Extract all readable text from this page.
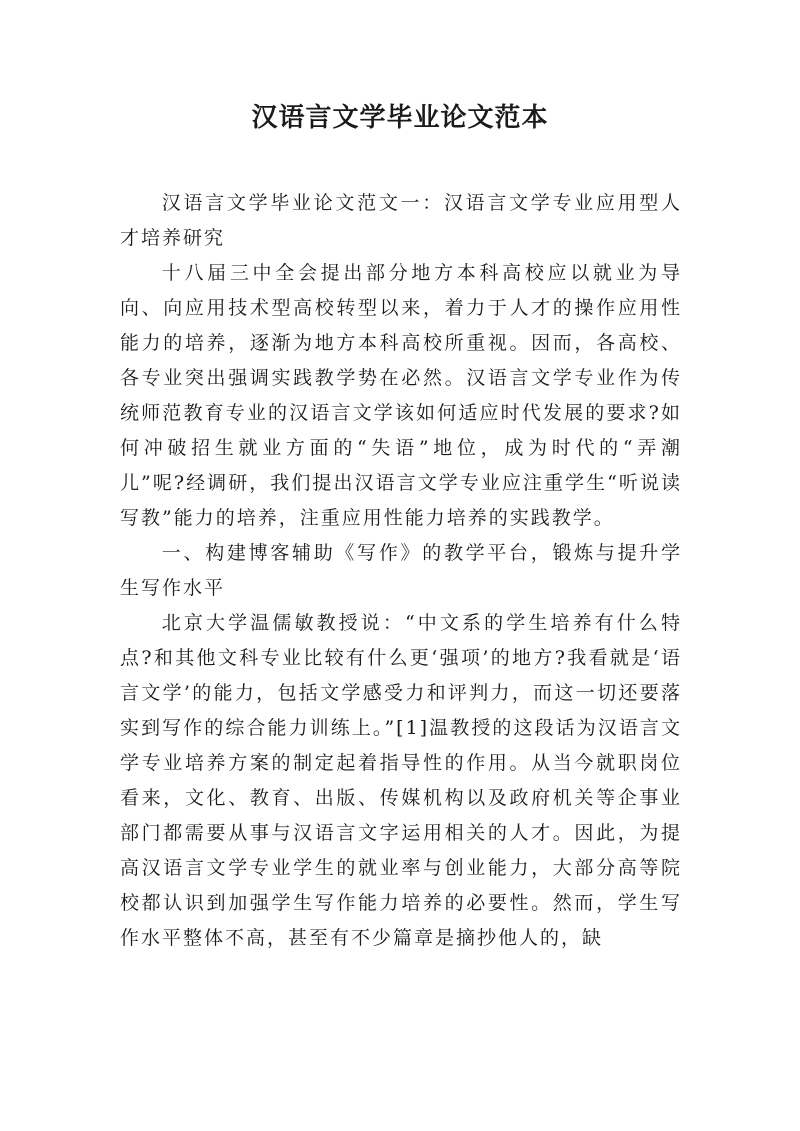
汉语言文学毕业论文范本

汉语言文学毕业论文范文一：汉语言文学专业应用型人才培养研究

十八届三中全会提出部分地方本科高校应以就业为导向、向应用技术型高校转型以来，着力于人才的操作应用性能力的培养，逐渐为地方本科高校所重视。因而，各高校、各专业突出强调实践教学势在必然。汉语言文学专业作为传统师范教育专业的汉语言文学该如何适应时代发展的要求?如何冲破招生就业方面的“失语”地位，成为时代的“弄潮儿”呢?经调研，我们提出汉语言文学专业应注重学生“听说读写教”能力的培养，注重应用性能力培养的实践教学。

一、构建博客辅助《写作》的教学平台，锻炼与提升学生写作水平

北京大学温儒敏教授说：“中文系的学生培养有什么特点?和其他文科专业比较有什么更‘强项’的地方?我看就是‘语言文学’的能力，包括文学感受力和评判力，而这一切还要落实到写作的综合能力训练上。”[1]温教授的这段话为汉语言文学专业培养方案的制定起着指导性的作用。从当今就职岗位看来，文化、教育、出版、传媒机构以及政府机关等企事业部门都需要从事与汉语言文字运用相关的人才。因此，为提高汉语言文学专业学生的就业率与创业能力，大部分高等院校都认识到加强学生写作能力培养的必要性。然而，学生写作水平整体不高，甚至有不少篇章是摘抄他人的，缺
